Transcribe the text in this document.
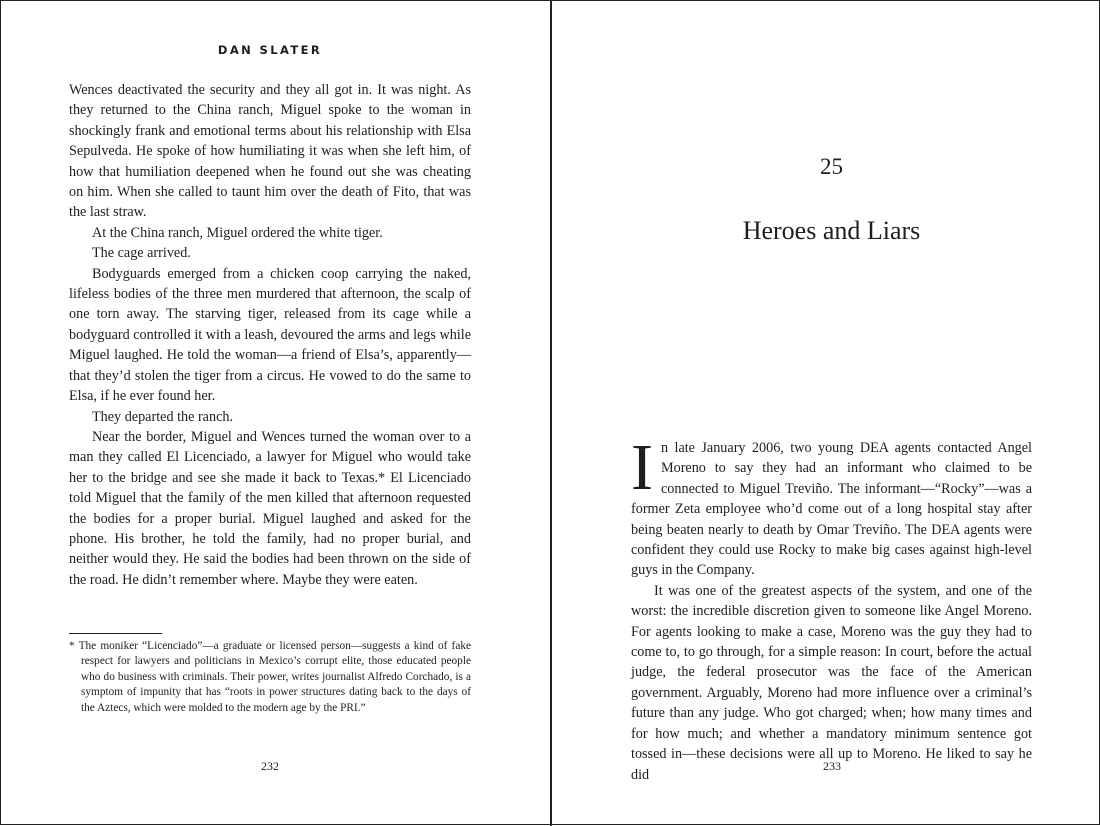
DAN SLATER

Wences deactivated the security and they all got in. It was night. As they returned to the China ranch, Miguel spoke to the woman in shockingly frank and emotional terms about his relationship with Elsa Sepulveda. He spoke of how humiliating it was when she left him, of how that humiliation deepened when he found out she was cheating on him. When she called to taunt him over the death of Fito, that was the last straw.

At the China ranch, Miguel ordered the white tiger.

The cage arrived.

Bodyguards emerged from a chicken coop carrying the naked, lifeless bodies of the three men murdered that afternoon, the scalp of one torn away. The starving tiger, released from its cage while a bodyguard controlled it with a leash, devoured the arms and legs while Miguel laughed. He told the woman—a friend of Elsa’s, apparently—that they’d stolen the tiger from a circus. He vowed to do the same to Elsa, if he ever found her.

They departed the ranch.

Near the border, Miguel and Wences turned the woman over to a man they called El Licenciado, a lawyer for Miguel who would take her to the bridge and see she made it back to Texas.* El Licenciado told Miguel that the family of the men killed that afternoon requested the bodies for a proper burial. Miguel laughed and asked for the phone. His brother, he told the family, had no proper burial, and neither would they. He said the bodies had been thrown on the side of the road. He didn’t remember where. Maybe they were eaten.

* The moniker “Licenciado”—a graduate or licensed person—suggests a kind of fake respect for lawyers and politicians in Mexico’s corrupt elite, those educated people who do business with criminals. Their power, writes journalist Alfredo Corchado, is a symptom of impunity that has “roots in power structures dating back to the days of the Aztecs, which were molded to the modern age by the PRI.”
232
25
Heroes and Liars

In late January 2006, two young DEA agents contacted Angel Moreno to say they had an informant who claimed to be connected to Miguel Treviño. The informant—“Rocky”—was a former Zeta employee who’d come out of a long hospital stay after being beaten nearly to death by Omar Treviño. The DEA agents were confident they could use Rocky to make big cases against high-level guys in the Company.

It was one of the greatest aspects of the system, and one of the worst: the incredible discretion given to someone like Angel Moreno. For agents looking to make a case, Moreno was the guy they had to come to, to go through, for a simple reason: In court, before the actual judge, the federal prosecutor was the face of the American government. Arguably, Moreno had more influence over a criminal’s future than any judge. Who got charged; when; how many times and for how much; and whether a mandatory minimum sentence got tossed in—these decisions were all up to Moreno. He liked to say he did

233
